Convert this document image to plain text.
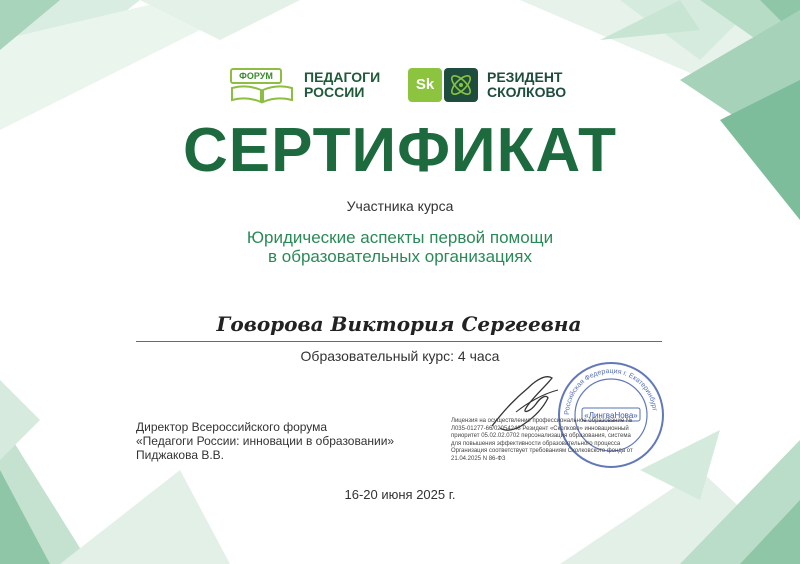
ФОРУМ	ПЕДАГОГИ
РОССИИ	Sk	РЕЗИДЕНТ
СКОЛКОВО
СЕРТИФИКАТ
Участника курса
Юридические аспекты первой помощи
в образовательных организациях
Говорова Виктория Сергеевна
Образовательный курс: 4 часа
Директор Всероссийского форума
«Педагоги России: инновации в образовании»
Пиджакова В.В.
Российская Федерация г. Екатеринбург
«ЛингвaНова»
Лицензия на осуществление профессиональное образование №
Л035-01277-66/02054248 Резидент «Сколково» инновационный
приоритет 05.02.02.0702 персонализация образования, система
для повышения эффективности образовательного процесса
Организация соответствует требованиям Сколковского фонда от
21.04.2025 N 86-ФЗ
16-20 июня 2025 г.
